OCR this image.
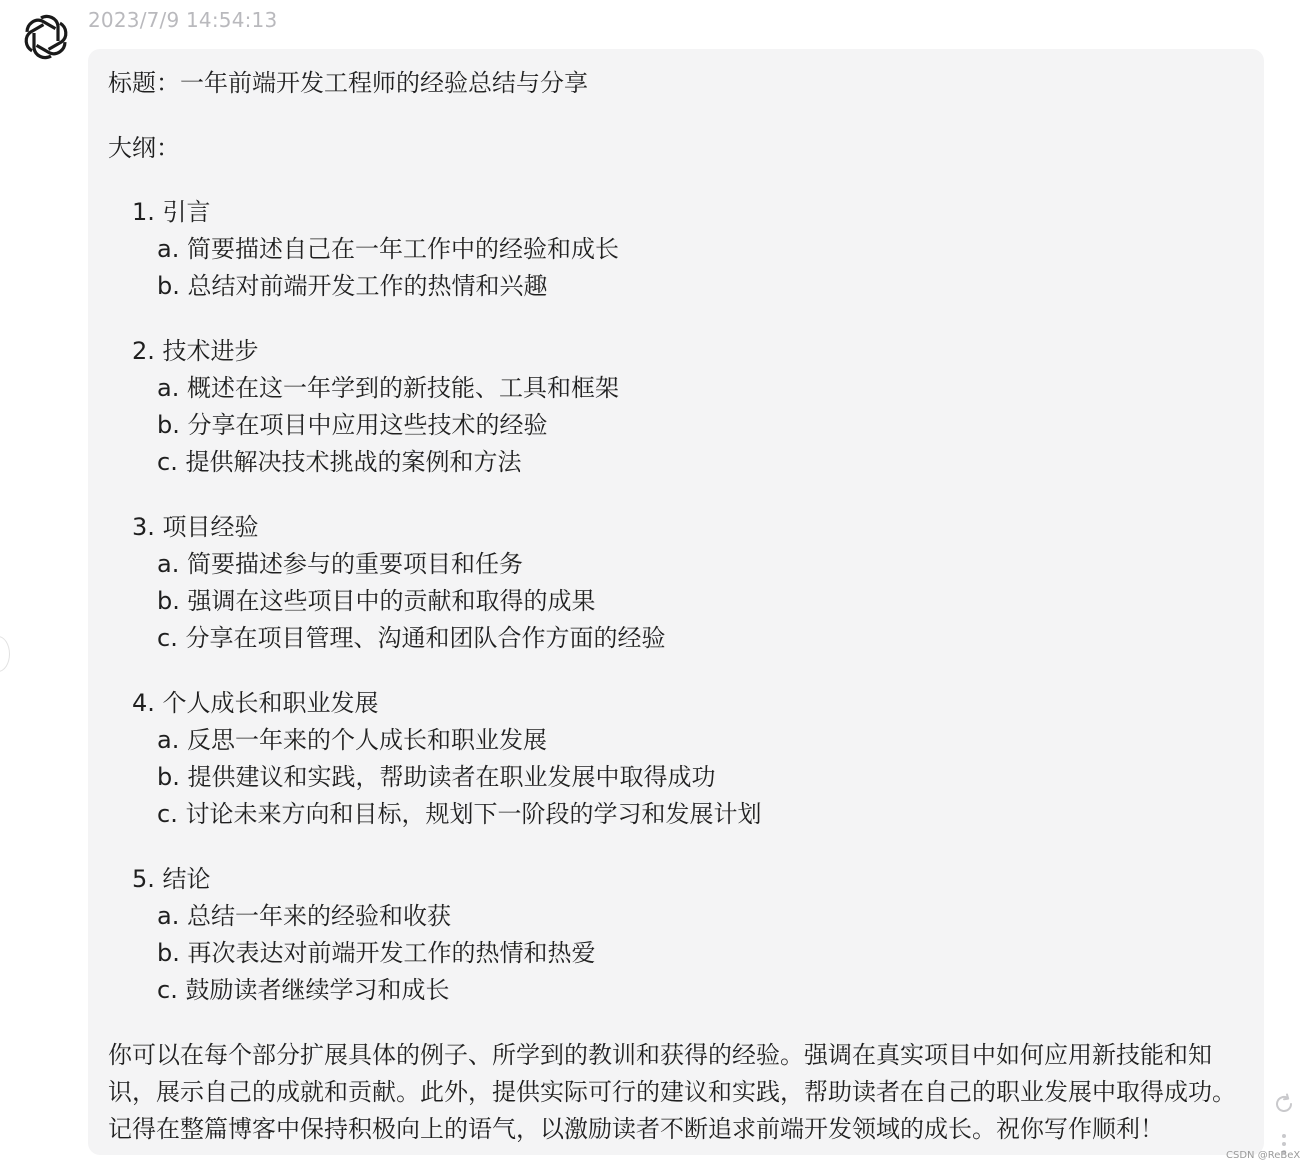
2023/7/9 14:54:13

标题：一年前端开发工程师的经验总结与分享

大纲：

1. 引言
a. 简要描述自己在一年工作中的经验和成长
b. 总结对前端开发工作的热情和兴趣
2. 技术进步
a. 概述在这一年学到的新技能、工具和框架
b. 分享在项目中应用这些技术的经验
c. 提供解决技术挑战的案例和方法
3. 项目经验
a. 简要描述参与的重要项目和任务
b. 强调在这些项目中的贡献和取得的成果
c. 分享在项目管理、沟通和团队合作方面的经验
4. 个人成长和职业发展
a. 反思一年来的个人成长和职业发展
b. 提供建议和实践，帮助读者在职业发展中取得成功
c. 讨论未来方向和目标，规划下一阶段的学习和发展计划
5. 结论
a. 总结一年来的经验和收获
b. 再次表达对前端开发工作的热情和热爱
c. 鼓励读者继续学习和成长

你可以在每个部分扩展具体的例子、所学到的教训和获得的经验。强调在真实项目中如何应用新技能和知识，展示自己的成就和贡献。此外，提供实际可行的建议和实践，帮助读者在自己的职业发展中取得成功。记得在整篇博客中保持积极向上的语气，以激励读者不断追求前端开发领域的成长。祝你写作顺利！

CSDN @ReBeX
